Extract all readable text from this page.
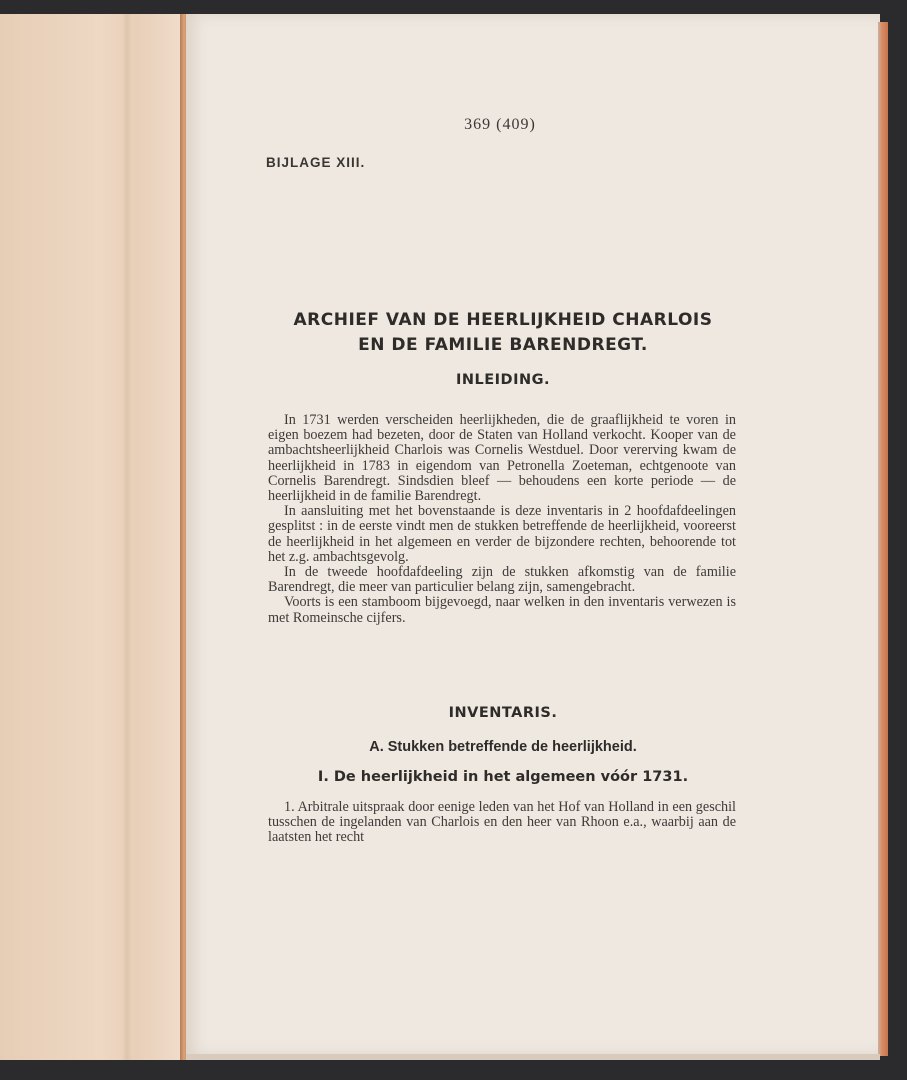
369 (409)
BIJLAGE XIII.
ARCHIEF VAN DE HEERLIJKHEID CHARLOIS
EN DE FAMILIE BARENDREGT.
INLEIDING.

In 1731 werden verscheiden heerlijkheden, die de graaflijkheid te voren in eigen boezem had bezeten, door de Staten van Holland verkocht. Kooper van de ambachtsheerlijkheid Charlois was Cornelis Westduel. Door vererving kwam de heerlijkheid in 1783 in eigendom van Petronella Zoeteman, echtgenoote van Cornelis Barendregt. Sindsdien bleef — behoudens een korte periode — de heerlijkheid in de familie Barendregt.

In aansluiting met het bovenstaande is deze inventaris in 2 hoofdafdeelingen gesplitst : in de eerste vindt men de stukken betreffende de heerlijkheid, vooreerst de heerlijkheid in het algemeen en verder de bijzondere rechten, behoorende tot het z.g. ambachtsgevolg.

In de tweede hoofdafdeeling zijn de stukken afkomstig van de familie Barendregt, die meer van particulier belang zijn, samengebracht.

Voorts is een stamboom bijgevoegd, naar welken in den inventaris verwezen is met Romeinsche cijfers.

INVENTARIS.
A. Stukken betreffende de heerlijkheid.
I. De heerlijkheid in het algemeen vóór 1731.

1. Arbitrale uitspraak door eenige leden van het Hof van Holland in een geschil tusschen de ingelanden van Charlois en den heer van Rhoon e.a., waarbij aan de laatsten het recht
